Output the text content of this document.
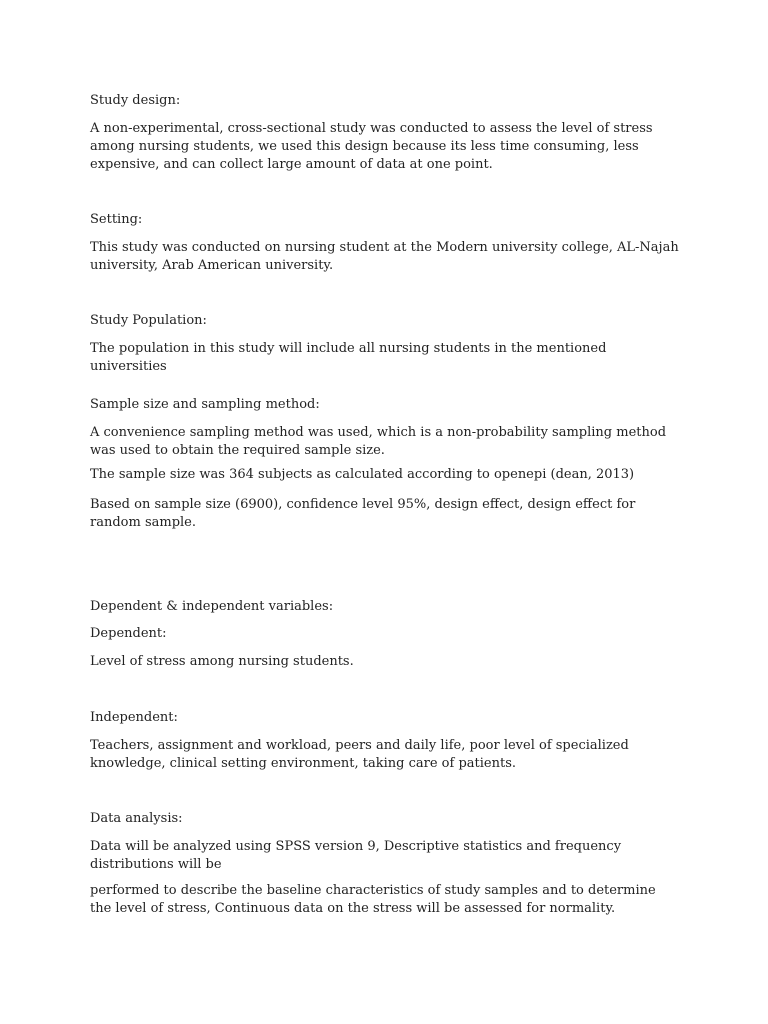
Study design:

A non-experimental, cross-sectional study was conducted to assess the level of stress among nursing students, we used this design because its less time consuming, less expensive, and can collect large amount of data at one point.

Setting:

This study was conducted on nursing student at the Modern university college, AL-Najah university, Arab American university.

Study Population:

The population in this study will include all nursing students in the mentioned universities

Sample size and sampling method:

A convenience sampling method was used, which is a non-probability sampling method was used to obtain the required sample size.

The sample size was 364 subjects as calculated according to openepi (dean, 2013)

Based on sample size (6900), confidence level 95%, design effect, design effect for random sample.

Dependent & independent variables:

Dependent:

Level of stress among nursing students.

Independent:

Teachers, assignment and workload, peers and daily life, poor level of specialized knowledge, clinical setting environment, taking care of patients.

Data analysis:

Data will be analyzed using SPSS version 9, Descriptive statistics and frequency distributions will be

performed to describe the baseline characteristics of study samples and to determine the level of stress, Continuous data on the stress will be assessed for normality.
